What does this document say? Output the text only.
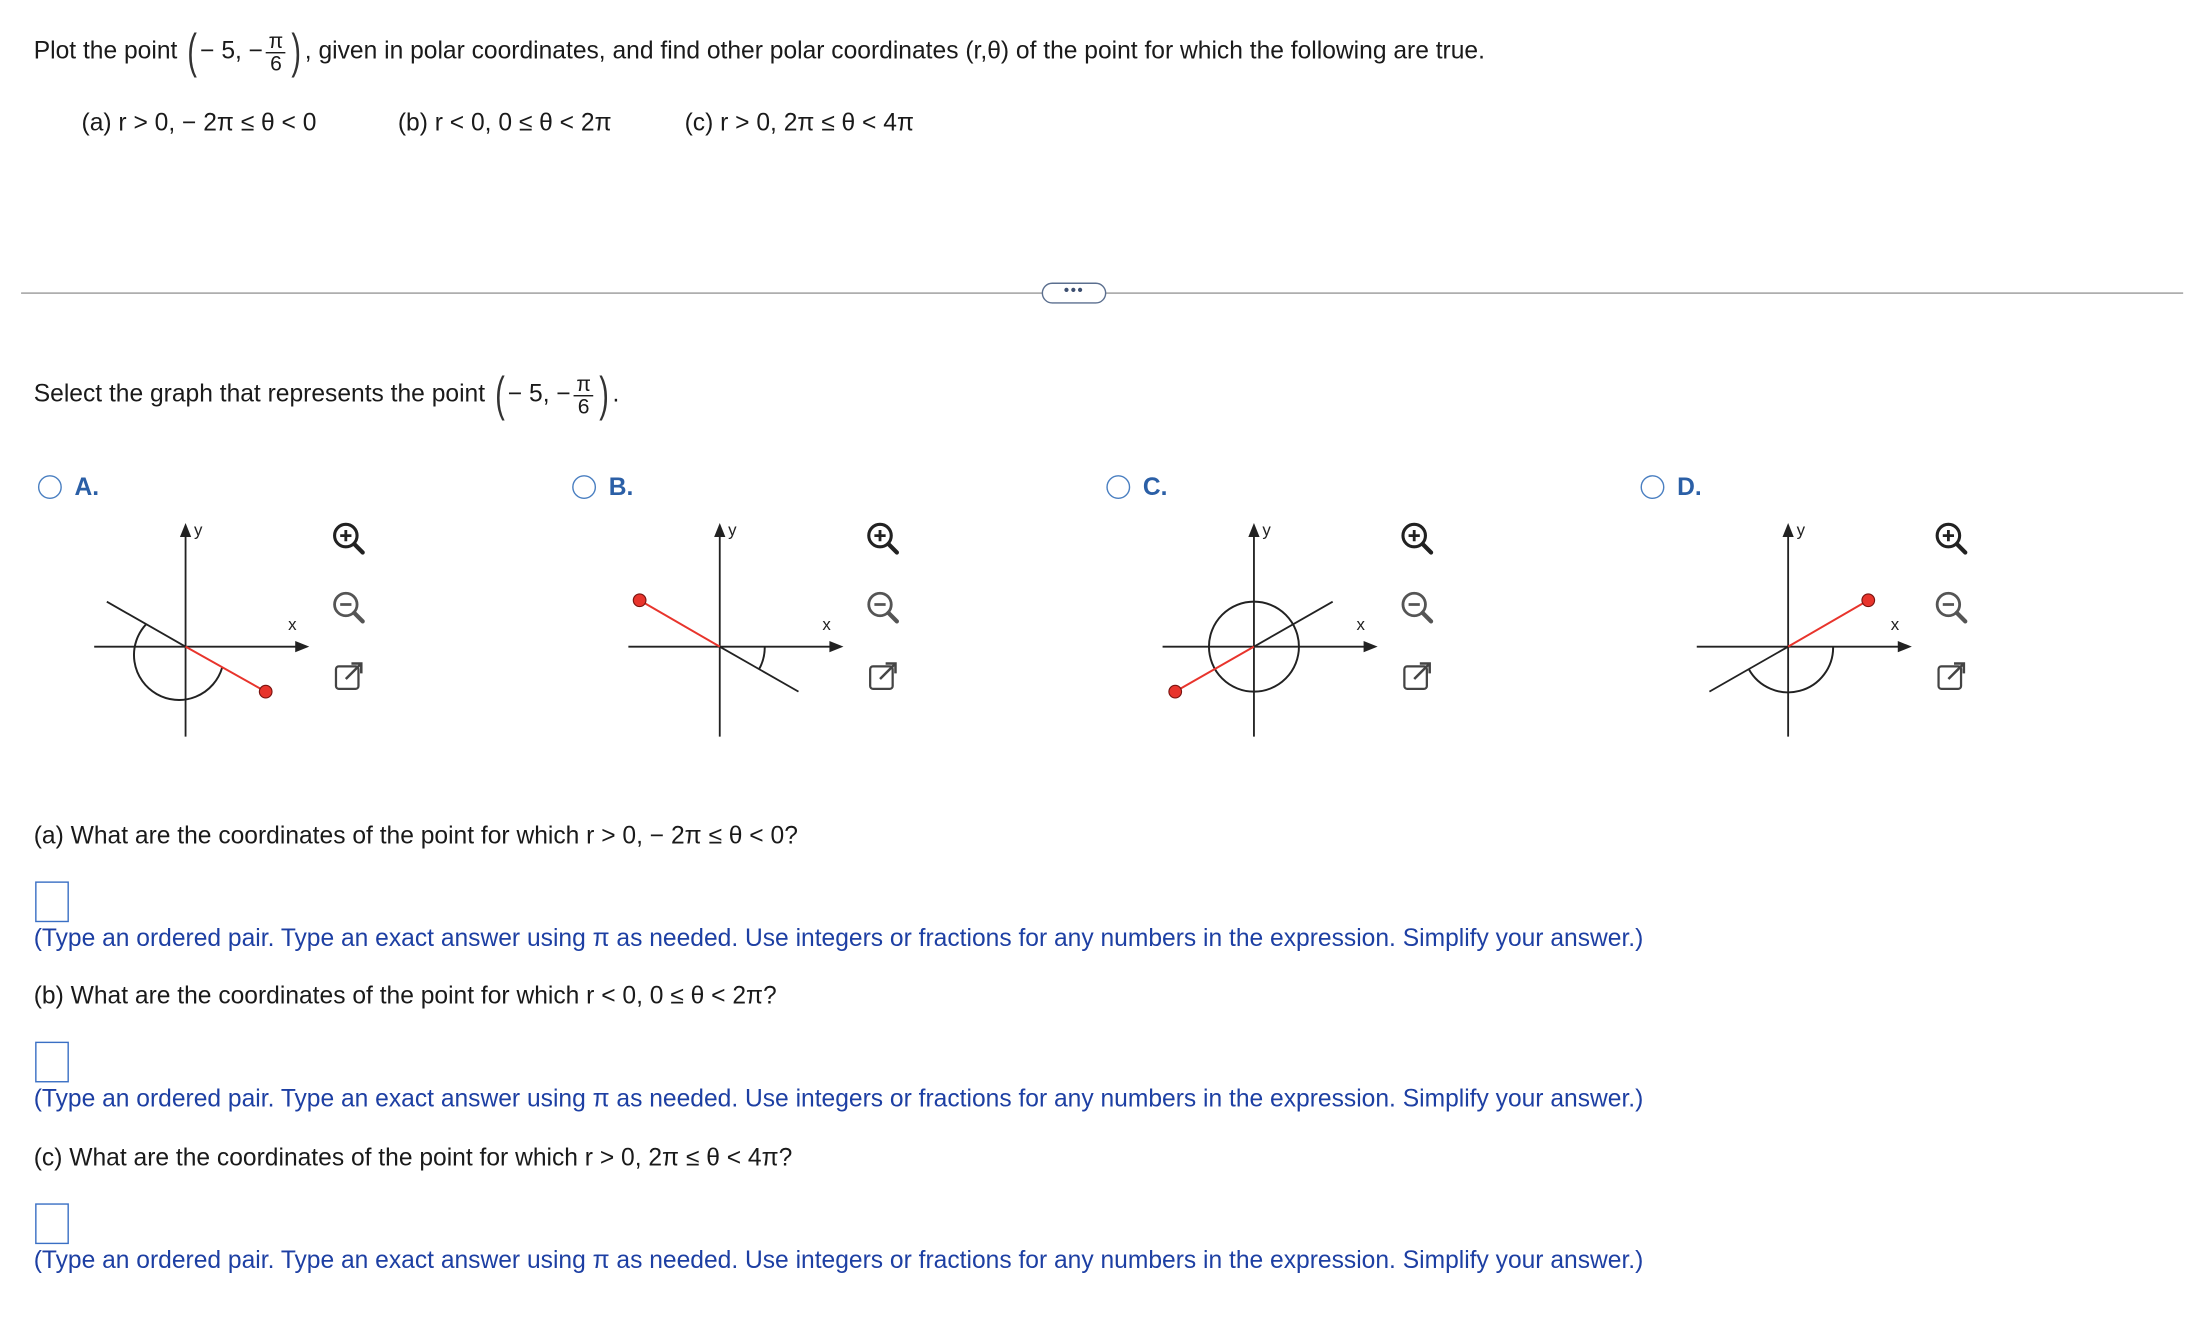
Plot the point ( − 5, − $\frac{\pi}{6}$ ) , given in polar coordinates, and find other polar coordinates (r,θ) of the point for which the following are true.
(a) r > 0, − 2π ≤ θ < 0	(b) r < 0, 0 ≤ θ < 2π	(c) r > 0, 2π ≤ θ < 4π
•••
Select the graph that represents the point ( − 5, − $\frac{\pi}{6}$ ) .
A.
y
x
B.
y
x
C.
y
x
D.
y
x
(a) What are the coordinates of the point for which r > 0, − 2π ≤ θ < 0?
(Type an ordered pair. Type an exact answer using π as needed. Use integers or fractions for any numbers in the expression. Simplify your answer.)
(b) What are the coordinates of the point for which r < 0, 0 ≤ θ < 2π?
(Type an ordered pair. Type an exact answer using π as needed. Use integers or fractions for any numbers in the expression. Simplify your answer.)
(c) What are the coordinates of the point for which r > 0, 2π ≤ θ < 4π?
(Type an ordered pair. Type an exact answer using π as needed. Use integers or fractions for any numbers in the expression. Simplify your answer.)
